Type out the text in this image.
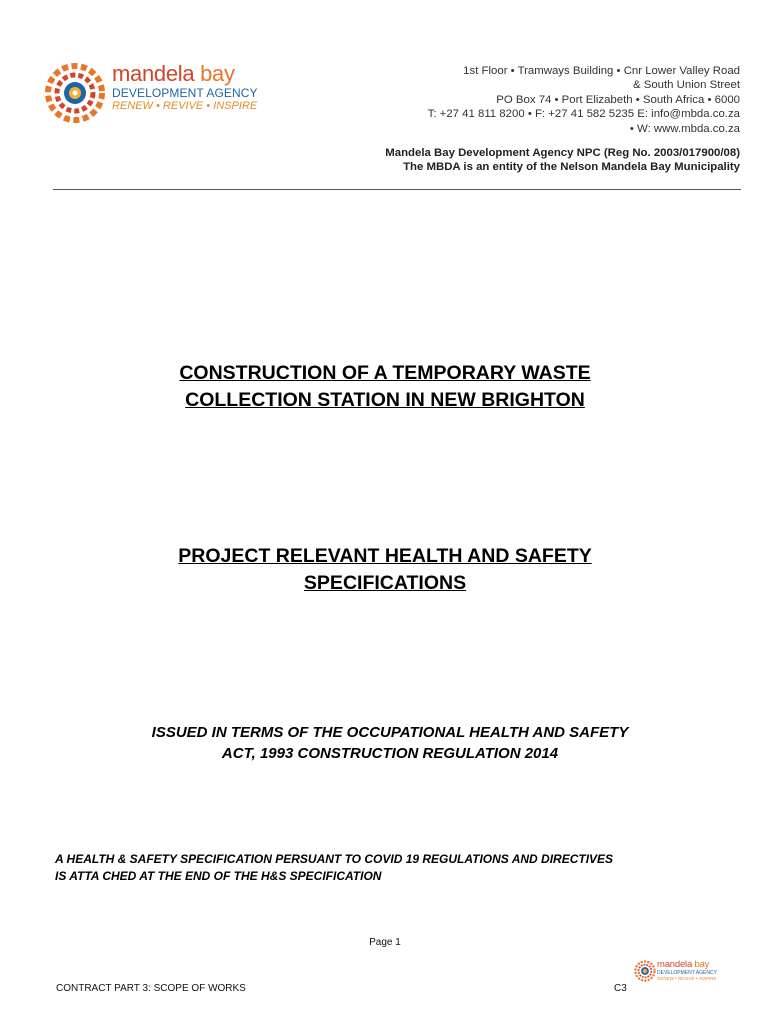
mandela bay
DEVELOPMENT AGENCY
RENEW • REVIVE • INSPIRE
1st Floor • Tramways Building • Cnr Lower Valley Road
& South Union Street
PO Box 74 • Port Elizabeth • South Africa • 6000
T: +27 41 811 8200 • F: +27 41 582 5235 E: info@mbda.co.za
• W: www.mbda.co.za
Mandela Bay Development Agency NPC (Reg No. 2003/017900/08)
The MBDA is an entity of the Nelson Mandela Bay Municipality
CONSTRUCTION OF A TEMPORARY WASTE
COLLECTION STATION IN NEW BRIGHTON
PROJECT RELEVANT HEALTH AND SAFETY
SPECIFICATIONS
ISSUED IN TERMS OF THE OCCUPATIONAL HEALTH AND SAFETY
ACT, 1993 CONSTRUCTION REGULATION 2014
A HEALTH & SAFETY SPECIFICATION PERSUANT TO COVID 19 REGULATIONS AND DIRECTIVES
IS ATTA CHED AT THE END OF THE H&S SPECIFICATION
Page 1
mandela bay
DEVELOPMENT AGENCY
RENEW • REVIVE • INSPIRE
CONTRACT PART 3: SCOPE OF WORKS	C3
